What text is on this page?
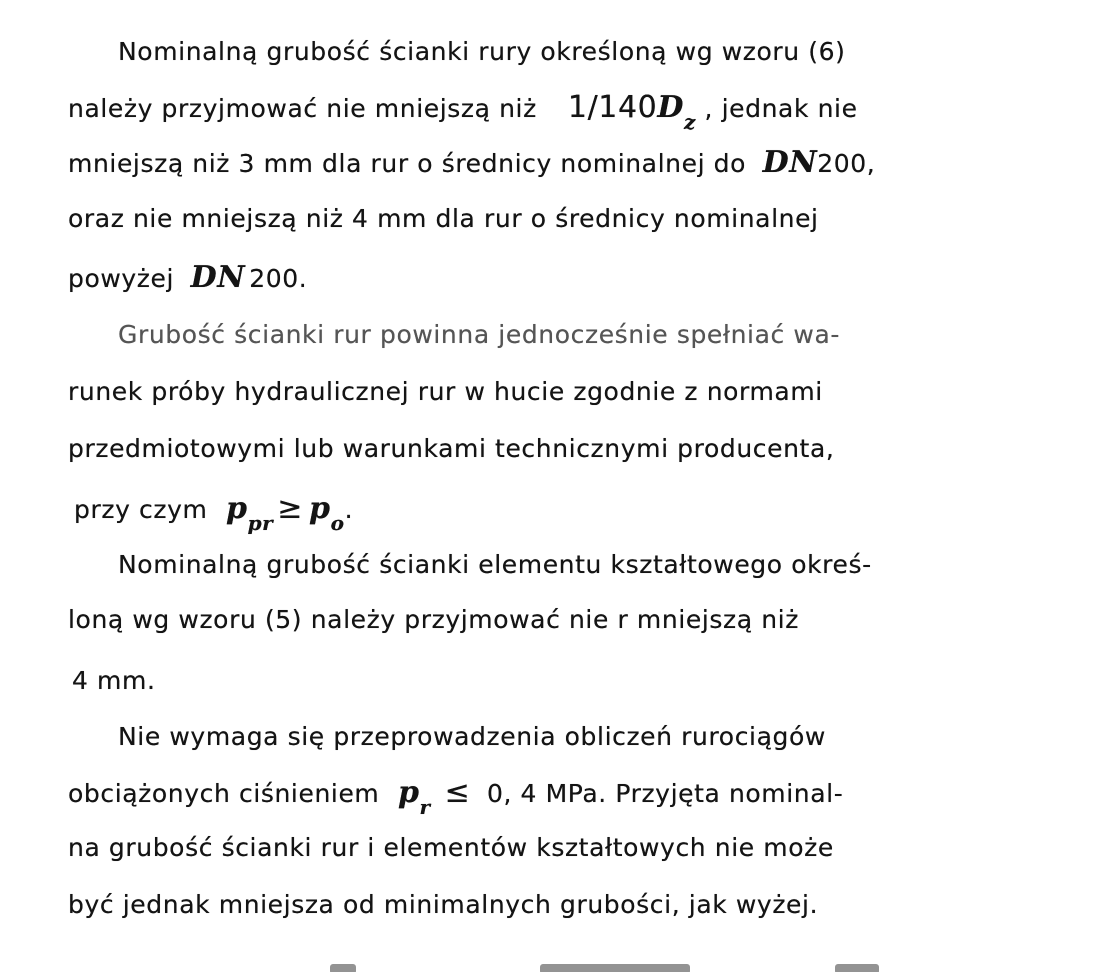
Nominalną grubość ścianki rury określoną wg wzoru (6)
należy przyjmować nie mniejszą niż $1/140D_z$ , jednak nie
mniejszą niż 3 mm dla rur o średnicy nominalnej do DN200,
oraz nie mniejszą niż 4 mm dla rur o średnicy nominalnej
powyżej DN 200.
Grubość ścianki rur powinna jednocześnie spełniać wa-
runek próby hydraulicznej rur w hucie zgodnie z normami
przedmiotowymi lub warunkami technicznymi producenta,
przy czym $p_{pr} \ge p_o$.
Nominalną grubość ścianki elementu kształtowego okreś-
loną wg wzoru (5) należy przyjmować nie r mniejszą niż
4 mm.
Nie wymaga się przeprowadzenia obliczeń rurociągów
obciążonych ciśnieniem $p_r \le 0$, 4 MPa. Przyjęta nominal-
na grubość ścianki rur i elementów kształtowych nie może
być jednak mniejsza od minimalnych grubości, jak wyżej.
